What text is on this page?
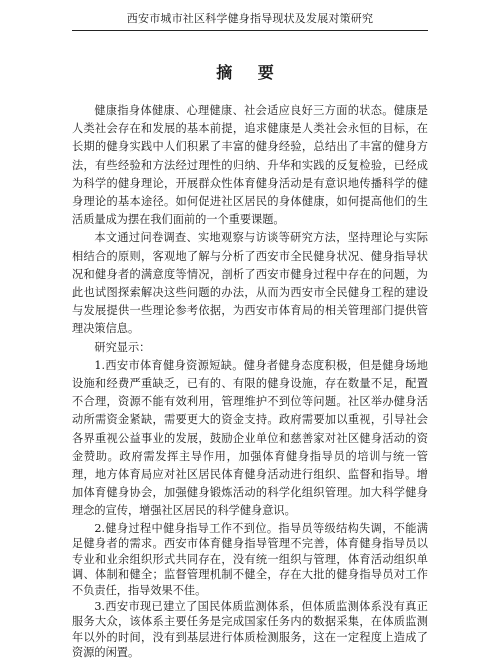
西安市城市社区科学健身指导现状及发展对策研究
摘 要

健康指身体健康、心理健康、社会适应良好三方面的状态。健康是人类社会存在和发展的基本前提，追求健康是人类社会永恒的目标，在长期的健身实践中人们积累了丰富的健身经验，总结出了丰富的健身方法，有些经验和方法经过理性的归纳、升华和实践的反复检验，已经成为科学的健身理论，开展群众性体育健身活动是有意识地传播科学的健身理论的基本途径。如何促进社区居民的身体健康，如何提高他们的生活质量成为摆在我们面前的一个重要课题。

本文通过问卷调查、实地观察与访谈等研究方法，坚持理论与实际相结合的原则，客观地了解与分析了西安市全民健身状况、健身指导状况和健身者的满意度等情况，剖析了西安市健身过程中存在的问题，为此也试图探索解决这些问题的办法，从而为西安市全民健身工程的建设与发展提供一些理论参考依据，为西安市体育局的相关管理部门提供管理决策信息。

研究显示：

1.西安市体育健身资源短缺。健身者健身态度积极，但是健身场地设施和经费严重缺乏，已有的、有限的健身设施，存在数量不足，配置不合理，资源不能有效利用，管理维护不到位等问题。社区举办健身活动所需资金紧缺，需要更大的资金支持。政府需要加以重视，引导社会各界重视公益事业的发展，鼓励企业单位和慈善家对社区健身活动的资金赞助。政府需发挥主导作用，加强体育健身指导员的培训与统一管理，地方体育局应对社区居民体育健身活动进行组织、监督和指导。增加体育健身协会，加强健身锻炼活动的科学化组织管理。加大科学健身理念的宣传，增强社区居民的科学健身意识。

2.健身过程中健身指导工作不到位。指导员等级结构失调，不能满足健身者的需求。西安市体育健身指导管理不完善，体育健身指导员以专业和业余组织形式共同存在，没有统一组织与管理，体育活动组织单调、体制和健全；监督管理机制不健全，存在大批的健身指导员对工作不负责任，指导效果不佳。

3.西安市现已建立了国民体质监测体系，但体质监测体系没有真正服务大众，该体系主要任务是完成国家任务内的数据采集，在体质监测年以外的时间，没有到基层进行体质检测服务，这在一定程度上造成了资源的闲置。
